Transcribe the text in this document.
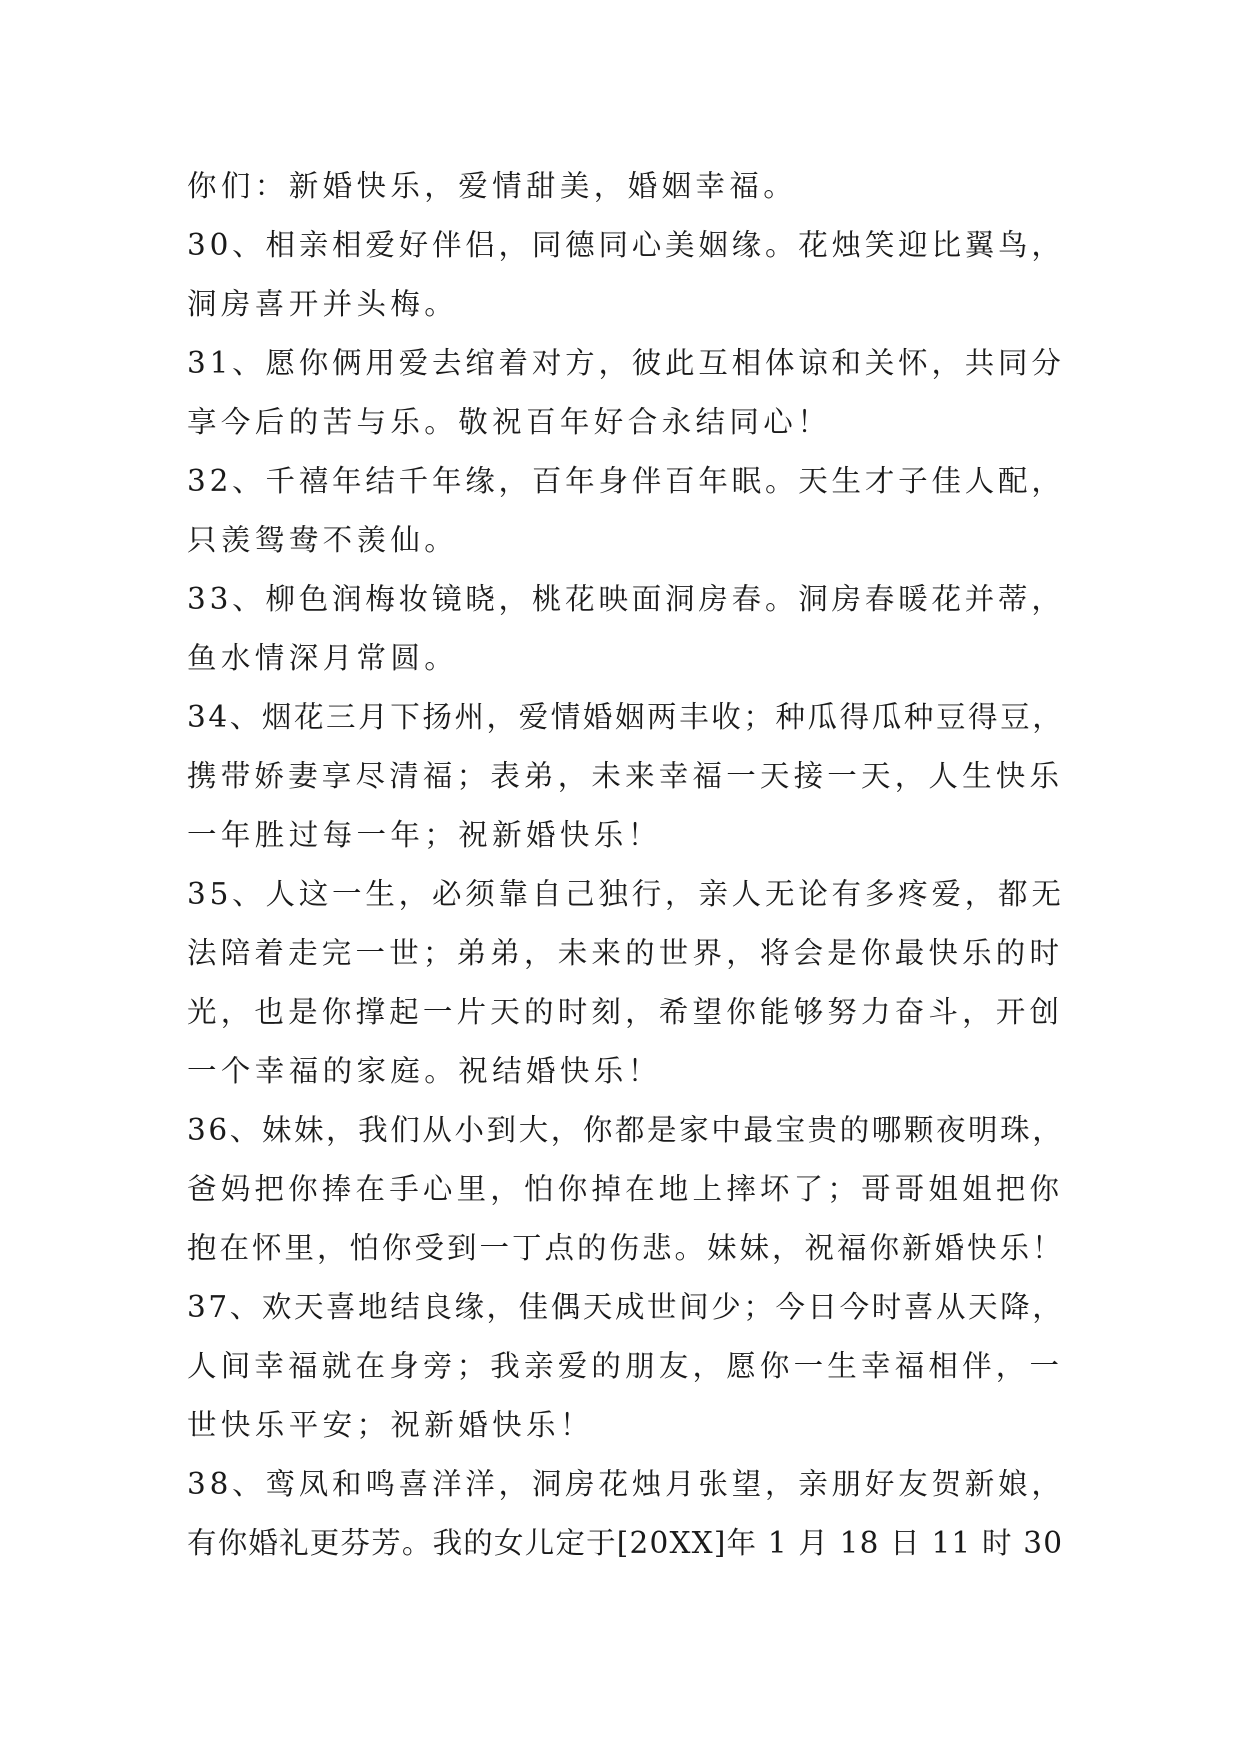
你们：新婚快乐，爱情甜美，婚姻幸福。
30、相亲相爱好伴侣，同德同心美姻缘。花烛笑迎比翼鸟，
洞房喜开并头梅。
31、愿你俩用爱去绾着对方，彼此互相体谅和关怀，共同分
享今后的苦与乐。敬祝百年好合永结同心！
32、千禧年结千年缘，百年身伴百年眠。天生才子佳人配，
只羡鸳鸯不羡仙。
33、柳色润梅妆镜晓，桃花映面洞房春。洞房春暖花并蒂，
鱼水情深月常圆。
34、烟花三月下扬州，爱情婚姻两丰收；种瓜得瓜种豆得豆，
携带娇妻享尽清福；表弟，未来幸福一天接一天，人生快乐
一年胜过每一年；祝新婚快乐！
35、人这一生，必须靠自己独行，亲人无论有多疼爱，都无
法陪着走完一世；弟弟，未来的世界，将会是你最快乐的时
光，也是你撑起一片天的时刻，希望你能够努力奋斗，开创
一个幸福的家庭。祝结婚快乐！
36、妹妹，我们从小到大，你都是家中最宝贵的哪颗夜明珠，
爸妈把你捧在手心里，怕你掉在地上摔坏了；哥哥姐姐把你
抱在怀里，怕你受到一丁点的伤悲。妹妹，祝福你新婚快乐！
37、欢天喜地结良缘，佳偶天成世间少；今日今时喜从天降，
人间幸福就在身旁；我亲爱的朋友，愿你一生幸福相伴，一
世快乐平安；祝新婚快乐！
38、鸾凤和鸣喜洋洋，洞房花烛月张望，亲朋好友贺新娘，
有你婚礼更芬芳。我的女儿定于[20XX]年 1 月 18 日 11 时 30
